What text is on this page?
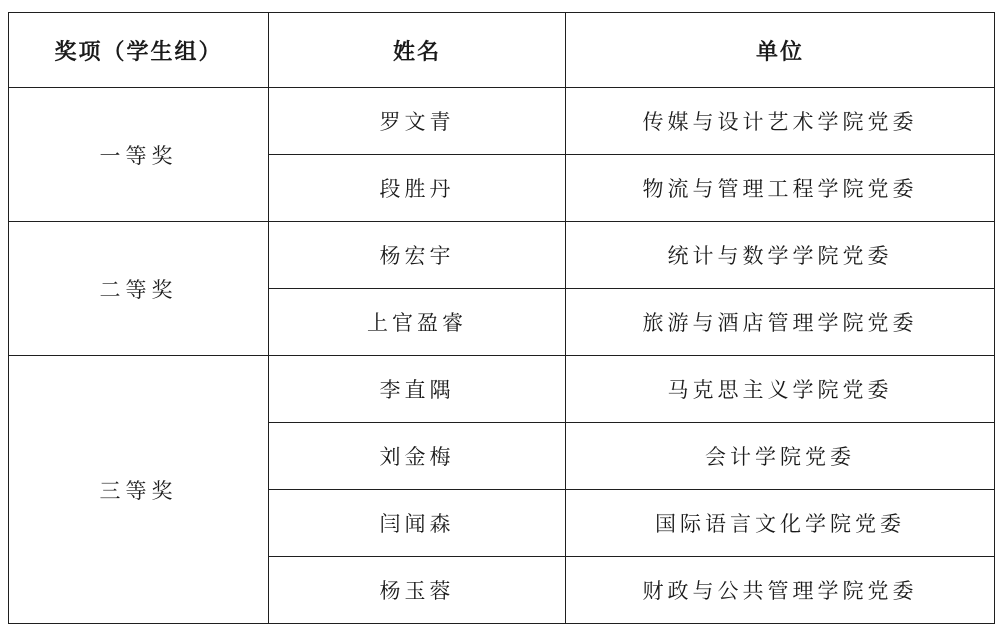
奖项（学生组）	姓名	单位
一等奖	罗文青	传媒与设计艺术学院党委
	段胜丹	物流与管理工程学院党委
二等奖	杨宏宇	统计与数学学院党委
	上官盈睿	旅游与酒店管理学院党委
三等奖	李直隅	马克思主义学院党委
	刘金梅	会计学院党委
	闫闻森	国际语言文化学院党委
	杨玉蓉	财政与公共管理学院党委
